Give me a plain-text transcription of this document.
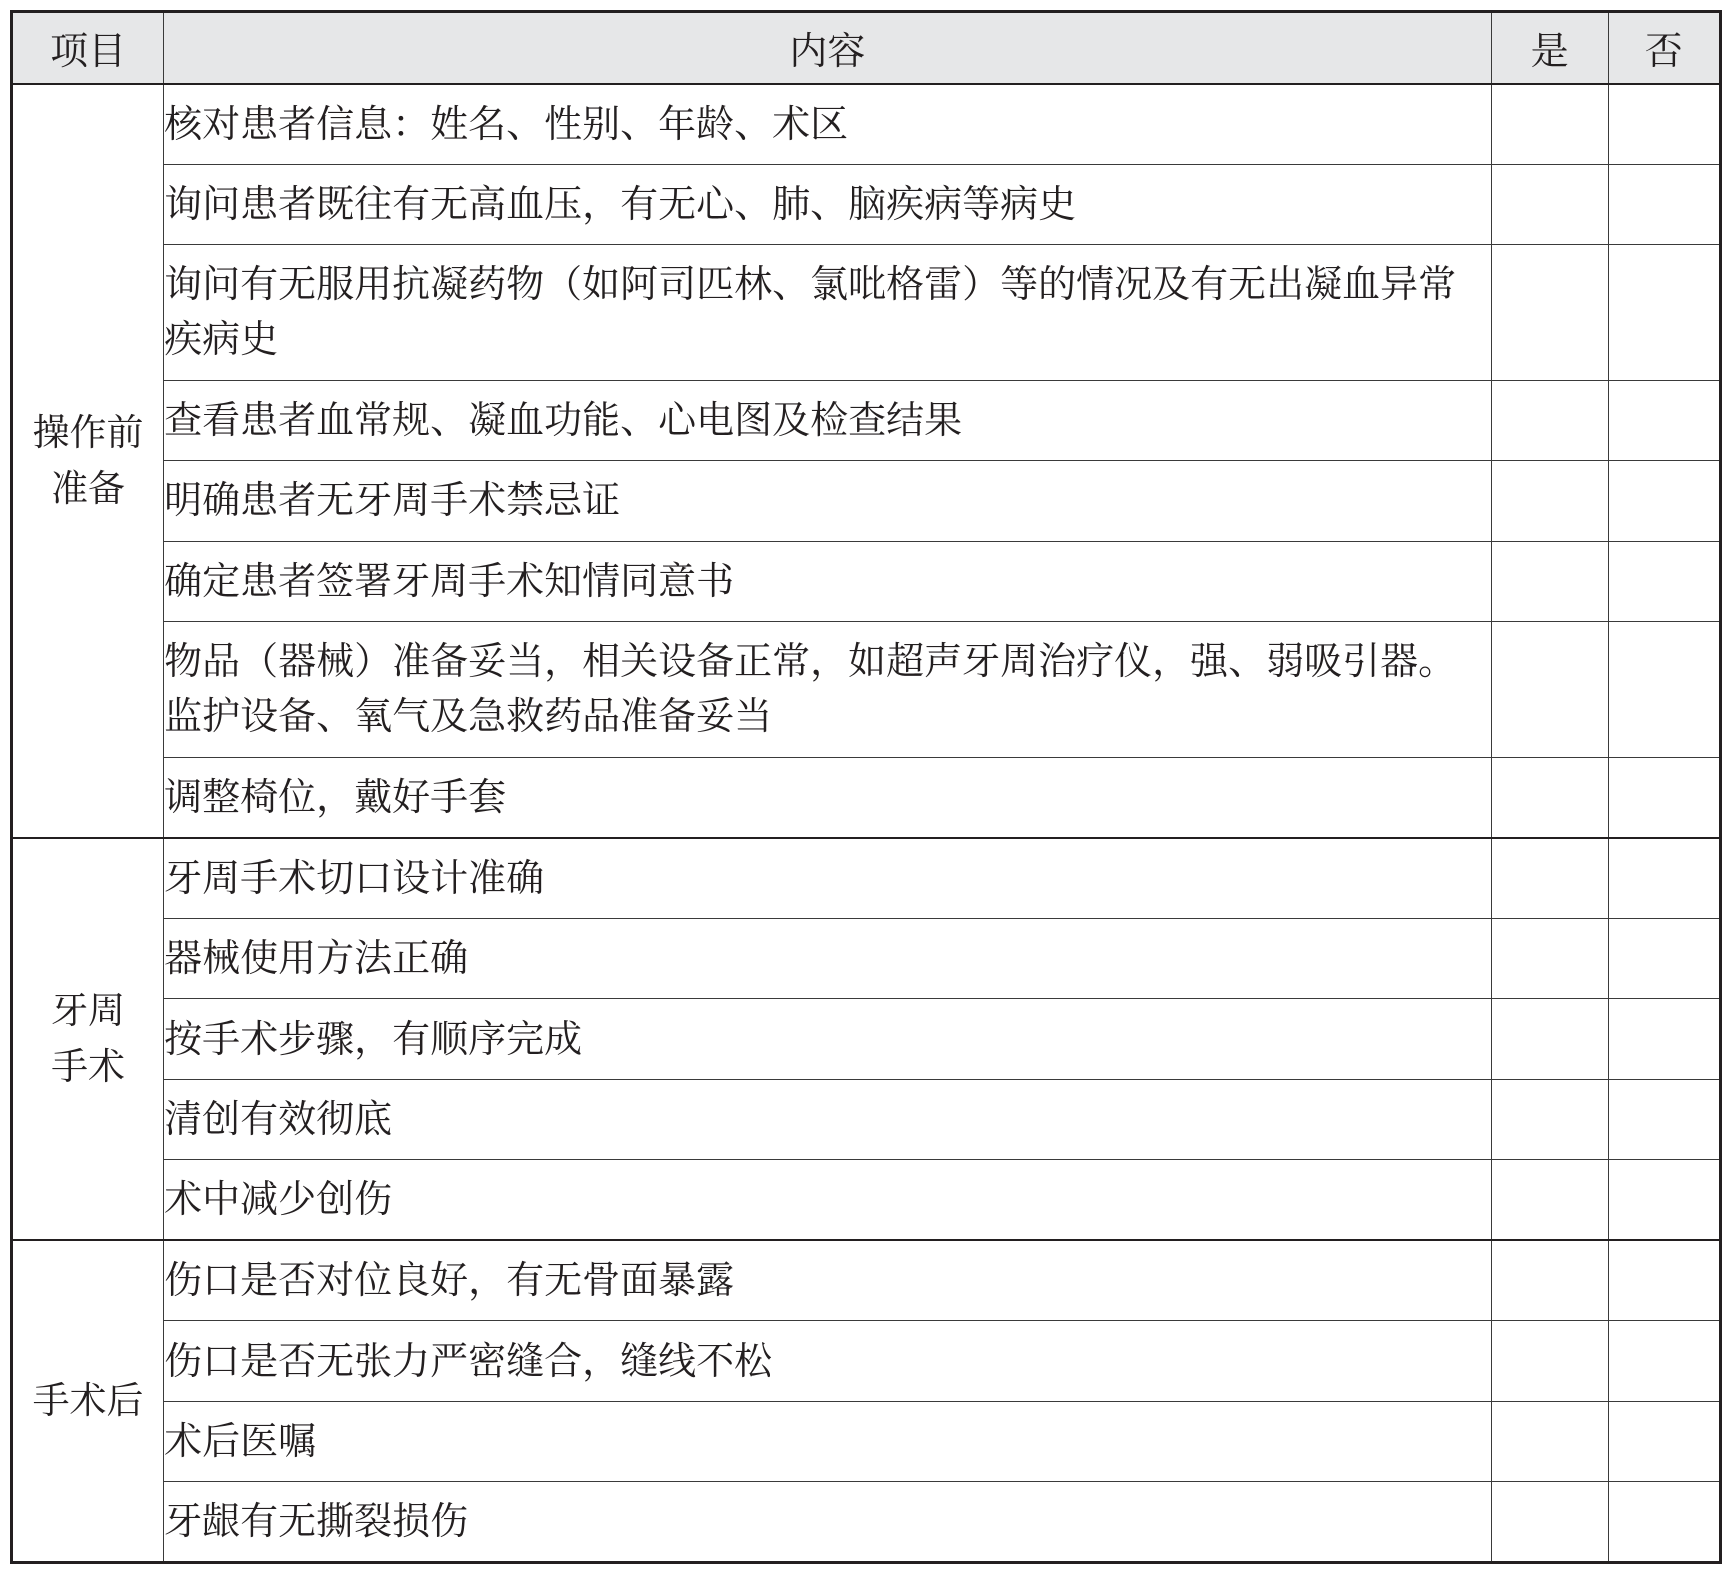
项目	内容	是	否

操作前
准备	核对患者信息：姓名、性别、年龄、术区		
	询问患者既往有无高血压，有无心、肺、脑疾病等病史		
	询问有无服用抗凝药物（如阿司匹林、氯吡格雷）等的情况及有无出凝血异常疾病史		
	查看患者血常规、凝血功能、心电图及检查结果		
	明确患者无牙周手术禁忌证		
	确定患者签署牙周手术知情同意书		
	物品（器械）准备妥当，相关设备正常，如超声牙周治疗仪，强、弱吸引器。监护设备、氧气及急救药品准备妥当		
	调整椅位，戴好手套		

牙周
手术	牙周手术切口设计准确		
	器械使用方法正确		
	按手术步骤，有顺序完成		
	清创有效彻底		
	术中减少创伤		

手术后	伤口是否对位良好，有无骨面暴露		
	伤口是否无张力严密缝合，缝线不松		
	术后医嘱		
	牙龈有无撕裂损伤		
